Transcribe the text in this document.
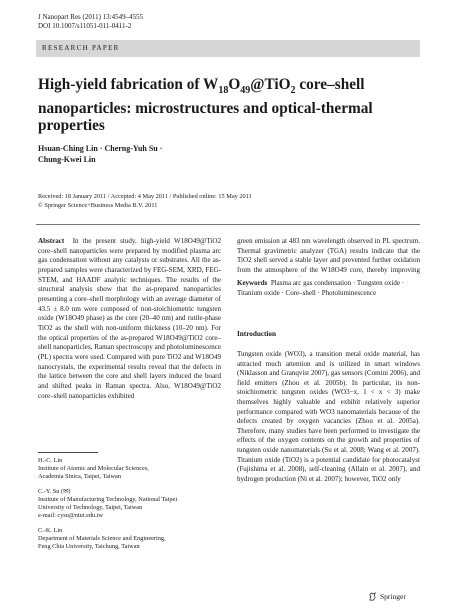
J Nanopart Res (2011) 13:4549–4555
DOI 10.1007/s11051-011-0411-2
RESEARCH PAPER
High-yield fabrication of $W_{18}O_{49}@TiO_2$ core–shell nanoparticles: microstructures and optical-thermal properties
Hsuan-Ching Lin · Cherng-Yuh Su ·
Chung-Kwei Lin
Received: 18 January 2011 / Accepted: 4 May 2011 / Published online: 15 May 2011
© Springer Science+Business Media B.V. 2011

Abstract In the present study, high-yield W18O49@TiO2 core–shell nanoparticles were prepared by modified plasma arc gas condensation without any catalysts or substrates. All the as-prepared samples were characterized by FEG-SEM, XRD, FEG-STEM, and HAADF analytic techniques. The results of the structural analysis show that the as-prepared nanoparticles presenting a core–shell morphology with an average diameter of 43.5 ± 8.0 nm were composed of non-stoichiometric tungsten oxide (W18O49 phase) as the core (20–40 nm) and rutile-phase TiO2 as the shell with non-uniform thickness (10–20 nm). For the optical properties of the as-prepared W18O49@TiO2 core–shell nanoparticles, Raman spectroscopy and photoluminescence (PL) spectra were used. Compared with pure TiO2 and W18O49 nanocrystals, the experimental results reveal that the defects in the lattice between the core and shell layers induced the board and shifted peaks in Raman spectra. Also, W18O49@TiO2 core–shell nanoparticles exhibited

H.-C. Lin
Institute of Atomic and Molecular Sciences,
Academia Sinica, Taipei, Taiwan
C.-Y. Su (✉)
Institute of Manufacturing Technology, National Taipei
University of Technology, Taipei, Taiwan
e-mail: cysu@ntut.edu.tw
C.-K. Lin
Department of Materials Science and Engineering,
Feng Chia University, Taichung, Taiwan

green emission at 483 nm wavelength observed in PL spectrum. Thermal gravimetric analyzer (TGA) results indicate that the TiO2 shell served a stable layer and prevented further oxidation from the atmosphere of the W18O49 core, thereby improving

Keywords Plasma arc gas condensation · Tungsten oxide · Titanium oxide · Core–shell · Photoluminescence
Introduction

Tungsten oxide (WO3), a transition metal oxide material, has attracted much attention and is utilized in smart windows (Niklasson and Granqvist 2007), gas sensors (Comini 2006), and field emitters (Zhou et al. 2005b). In particular, its non-stoichiometric tungsten oxides (WO3−x, 1 < x < 3) make themselves highly valuable and exhibit relatively superior performance compared with WO3 nanomaterials because of the defects created by oxygen vacancies (Zhou et al. 2005a). Therefore, many studies have been performed to investigate the effects of the oxygen contents on the growth and properties of tungsten oxide nanomaterials (Su et al. 2008; Wang et al. 2007). Titanium oxide (TiO2) is a potential candidate for photocatalyst (Fujishima et al. 2008), self-cleaning (Allain et al. 2007), and hydrogen production (Ni et al. 2007); however, TiO2 only

Springer
